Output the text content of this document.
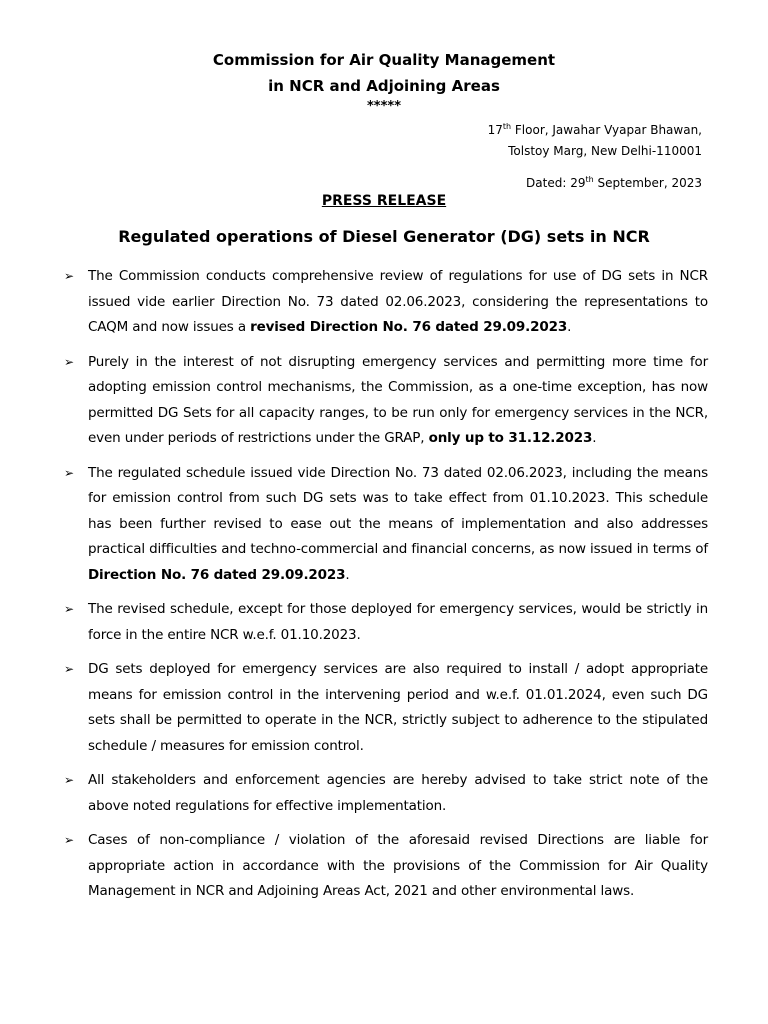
Commission for Air Quality Management
in NCR and Adjoining Areas
*****
17th Floor, Jawahar Vyapar Bhawan,
Tolstoy Marg, New Delhi-110001
Dated: 29th September, 2023
PRESS RELEASE
Regulated operations of Diesel Generator (DG) sets in NCR
➢ The Commission conducts comprehensive review of regulations for use of DG sets in NCR issued vide earlier Direction No. 73 dated 02.06.2023, considering the representations to CAQM and now issues a revised Direction No. 76 dated 29.09.2023.
➢ Purely in the interest of not disrupting emergency services and permitting more time for adopting emission control mechanisms, the Commission, as a one-time exception, has now permitted DG Sets for all capacity ranges, to be run only for emergency services in the NCR, even under periods of restrictions under the GRAP, only up to 31.12.2023.
➢ The regulated schedule issued vide Direction No. 73 dated 02.06.2023, including the means for emission control from such DG sets was to take effect from 01.10.2023. This schedule has been further revised to ease out the means of implementation and also addresses practical difficulties and techno-commercial and financial concerns, as now issued in terms of Direction No. 76 dated 29.09.2023.
➢ The revised schedule, except for those deployed for emergency services, would be strictly in force in the entire NCR w.e.f. 01.10.2023.
➢ DG sets deployed for emergency services are also required to install / adopt appropriate means for emission control in the intervening period and w.e.f. 01.01.2024, even such DG sets shall be permitted to operate in the NCR, strictly subject to adherence to the stipulated schedule / measures for emission control.
➢ All stakeholders and enforcement agencies are hereby advised to take strict note of the above noted regulations for effective implementation.
➢ Cases of non-compliance / violation of the aforesaid revised Directions are liable for appropriate action in accordance with the provisions of the Commission for Air Quality Management in NCR and Adjoining Areas Act, 2021 and other environmental laws.
